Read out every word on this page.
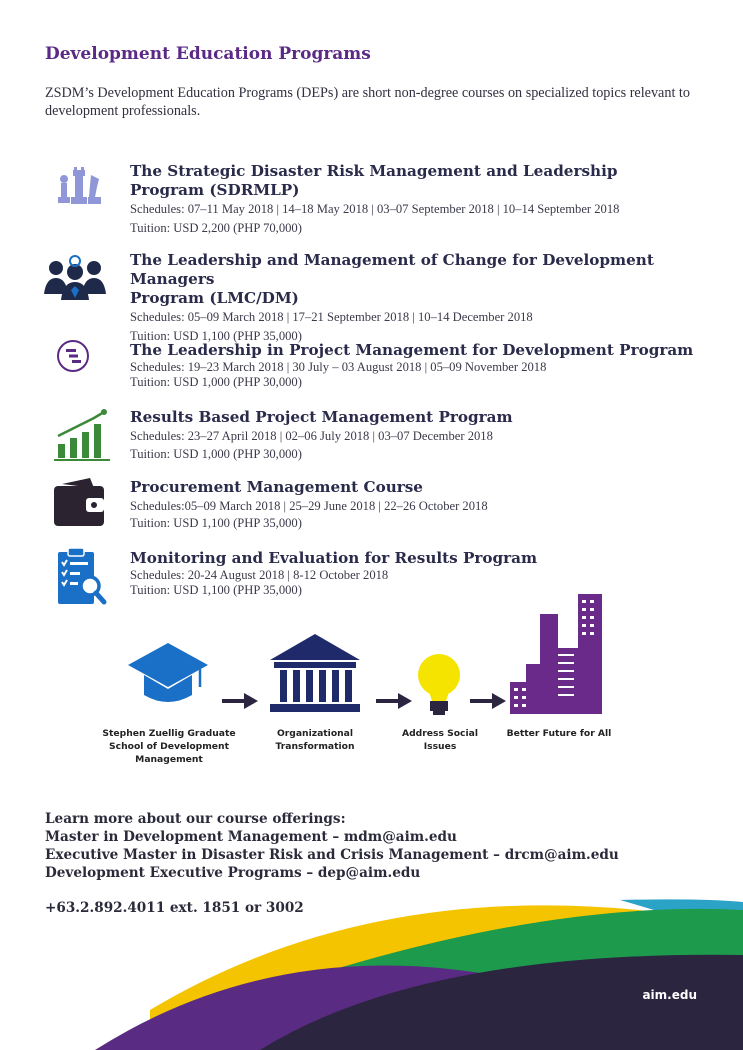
Development Education Programs
ZSDM’s Development Education Programs (DEPs) are short non-degree courses on specialized topics relevant to development professionals.
The Strategic Disaster Risk Management and Leadership
Program (SDRMLP)
Schedules: 07–11 May 2018 | 14–18 May 2018 | 03–07 September 2018 | 10–14 September 2018
Tuition: USD 2,200 (PHP 70,000)
The Leadership and Management of Change for Development Managers
Program (LMC/DM)
Schedules: 05–09 March 2018 | 17–21 September 2018 | 10–14 December 2018
Tuition: USD 1,100 (PHP 35,000)
The Leadership in Project Management for Development Program
Schedules: 19–23 March 2018 | 30 July – 03 August 2018 | 05–09 November 2018
Tuition: USD 1,000 (PHP 30,000)
Results Based Project Management Program
Schedules: 23–27 April 2018 | 02–06 July 2018 | 03–07 December 2018
Tuition: USD 1,000 (PHP 30,000)
Procurement Management Course
Schedules:05–09 March 2018 | 25–29 June 2018 | 22–26 October 2018
Tuition: USD 1,100 (PHP 35,000)
Monitoring and Evaluation for Results Program
Schedules: 20-24 August 2018 | 8-12 October 2018
Tuition: USD 1,100 (PHP 35,000)
Stephen Zuellig Graduate
School of Development
Management
Organizational
Transformation
Address Social
Issues
Better Future for All
Learn more about our course offerings:
Master in Development Management – mdm@aim.edu
Executive Master in Disaster Risk and Crisis Management – drcm@aim.edu
Development Executive Programs – dep@aim.edu
+63.2.892.4011 ext. 1851 or 3002
aim.edu
